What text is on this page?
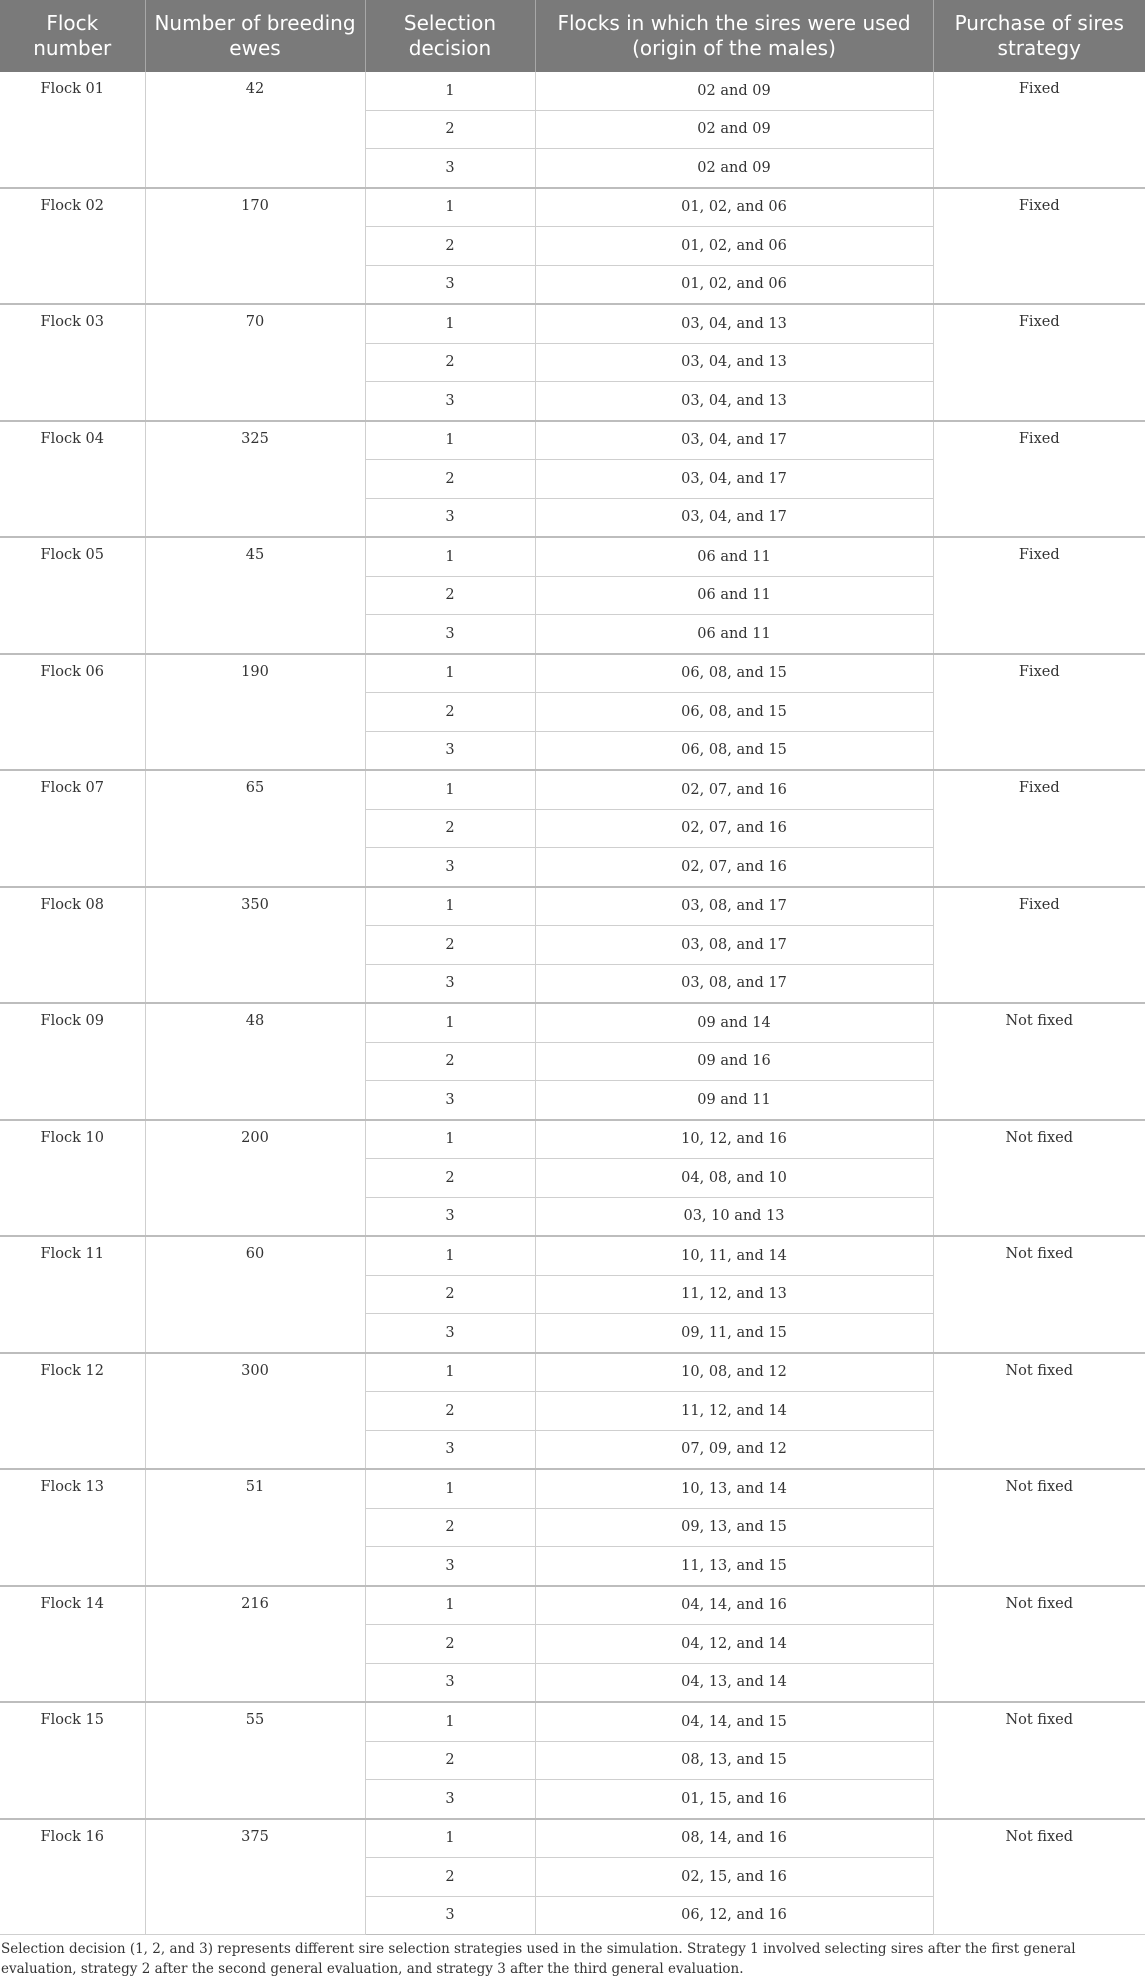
Flock number	Number of breeding ewes	Selection decision	Flocks in which the sires were used (origin of the males)	Purchase of sires strategy
Flock 01	42	1	02 and 09	Fixed
		2	02 and 09	
		3	02 and 09	
Flock 02	170	1	01, 02, and 06	Fixed
		2	01, 02, and 06	
		3	01, 02, and 06	
Flock 03	70	1	03, 04, and 13	Fixed
		2	03, 04, and 13	
		3	03, 04, and 13	
Flock 04	325	1	03, 04, and 17	Fixed
		2	03, 04, and 17	
		3	03, 04, and 17	
Flock 05	45	1	06 and 11	Fixed
		2	06 and 11	
		3	06 and 11	
Flock 06	190	1	06, 08, and 15	Fixed
		2	06, 08, and 15	
		3	06, 08, and 15	
Flock 07	65	1	02, 07, and 16	Fixed
		2	02, 07, and 16	
		3	02, 07, and 16	
Flock 08	350	1	03, 08, and 17	Fixed
		2	03, 08, and 17	
		3	03, 08, and 17	
Flock 09	48	1	09 and 14	Not fixed
		2	09 and 16	
		3	09 and 11	
Flock 10	200	1	10, 12, and 16	Not fixed
		2	04, 08, and 10	
		3	03, 10 and 13	
Flock 11	60	1	10, 11, and 14	Not fixed
		2	11, 12, and 13	
		3	09, 11, and 15	
Flock 12	300	1	10, 08, and 12	Not fixed
		2	11, 12, and 14	
		3	07, 09, and 12	
Flock 13	51	1	10, 13, and 14	Not fixed
		2	09, 13, and 15	
		3	11, 13, and 15	
Flock 14	216	1	04, 14, and 16	Not fixed
		2	04, 12, and 14	
		3	04, 13, and 14	
Flock 15	55	1	04, 14, and 15	Not fixed
		2	08, 13, and 15	
		3	01, 15, and 16	
Flock 16	375	1	08, 14, and 16	Not fixed
		2	02, 15, and 16	
		3	06, 12, and 16	

Selection decision (1, 2, and 3) represents different sire selection strategies used in the simulation. Strategy 1 involved selecting sires after the first general evaluation, strategy 2 after the second general evaluation, and strategy 3 after the third general evaluation.
